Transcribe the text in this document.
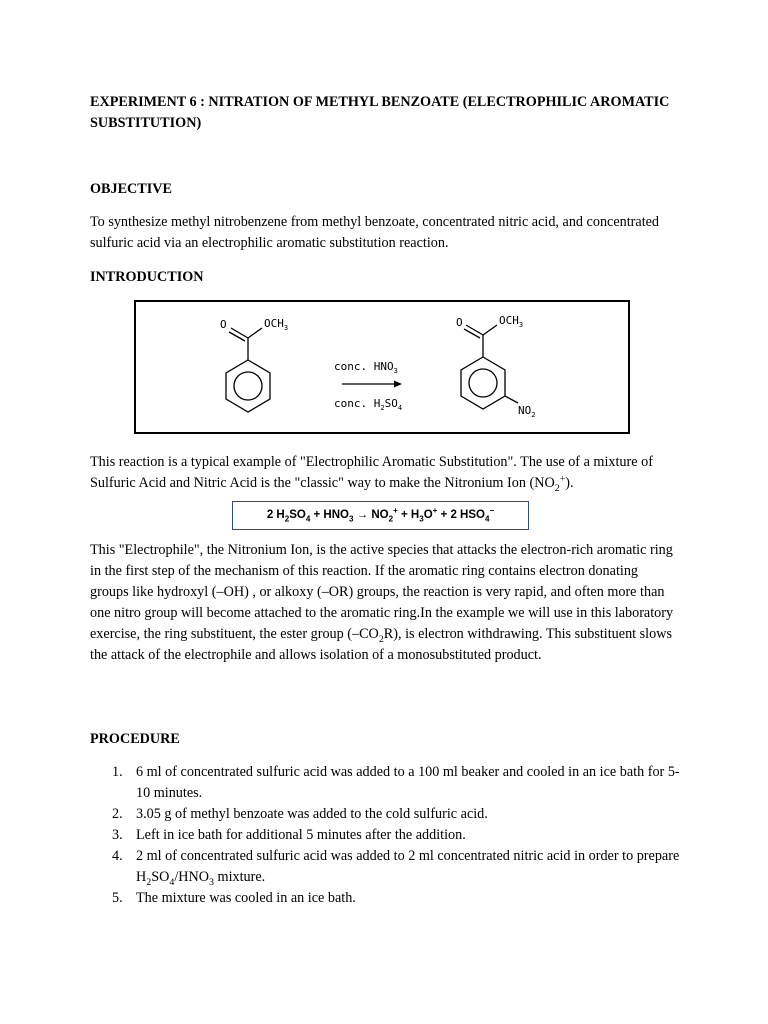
EXPERIMENT 6 : NITRATION OF METHYL BENZOATE (ELECTROPHILIC AROMATIC SUBSTITUTION)

OBJECTIVE

To synthesize methyl nitrobenzene from methyl benzoate, concentrated nitric acid, and concentrated sulfuric acid via an electrophilic aromatic substitution reaction.

INTRODUCTION

O	$OCH_3$
conc. $HNO_3$
conc. $H_2SO_4$
O	$OCH_3$
$NO_2$

This reaction is a typical example of "Electrophilic Aromatic Substitution". The use of a mixture of Sulfuric Acid and Nitric Acid is the "classic" way to make the Nitronium Ion $(NO_2^+)$.

2 $H_2SO_4 + HNO_3 \to NO_2^+ + H_3O^+ + 2$ $HSO_4^-$

This "Electrophile", the Nitronium Ion, is the active species that attacks the electron-rich aromatic ring in the first step of the mechanism of this reaction. If the aromatic ring contains electron donating groups like hydroxyl (–OH) , or alkoxy (–OR) groups, the reaction is very rapid, and often more than one nitro group will become attached to the aromatic ring.In the example we will use in this laboratory exercise, the ring substituent, the ester group $(-CO_2R)$, is electron withdrawing. This substituent slows the attack of the electrophile and allows isolation of a monosubstituted product.

PROCEDURE

1. 6 ml of concentrated sulfuric acid was added to a 100 ml beaker and cooled in an ice bath for 5-10 minutes.
2. 3.05 g of methyl benzoate was added to the cold sulfuric acid.
3. Left in ice bath for additional 5 minutes after the addition.
4. 2 ml of concentrated sulfuric acid was added to 2 ml concentrated nitric acid in order to prepare $H_2SO_4/HNO_3$ mixture.
5. The mixture was cooled in an ice bath.
